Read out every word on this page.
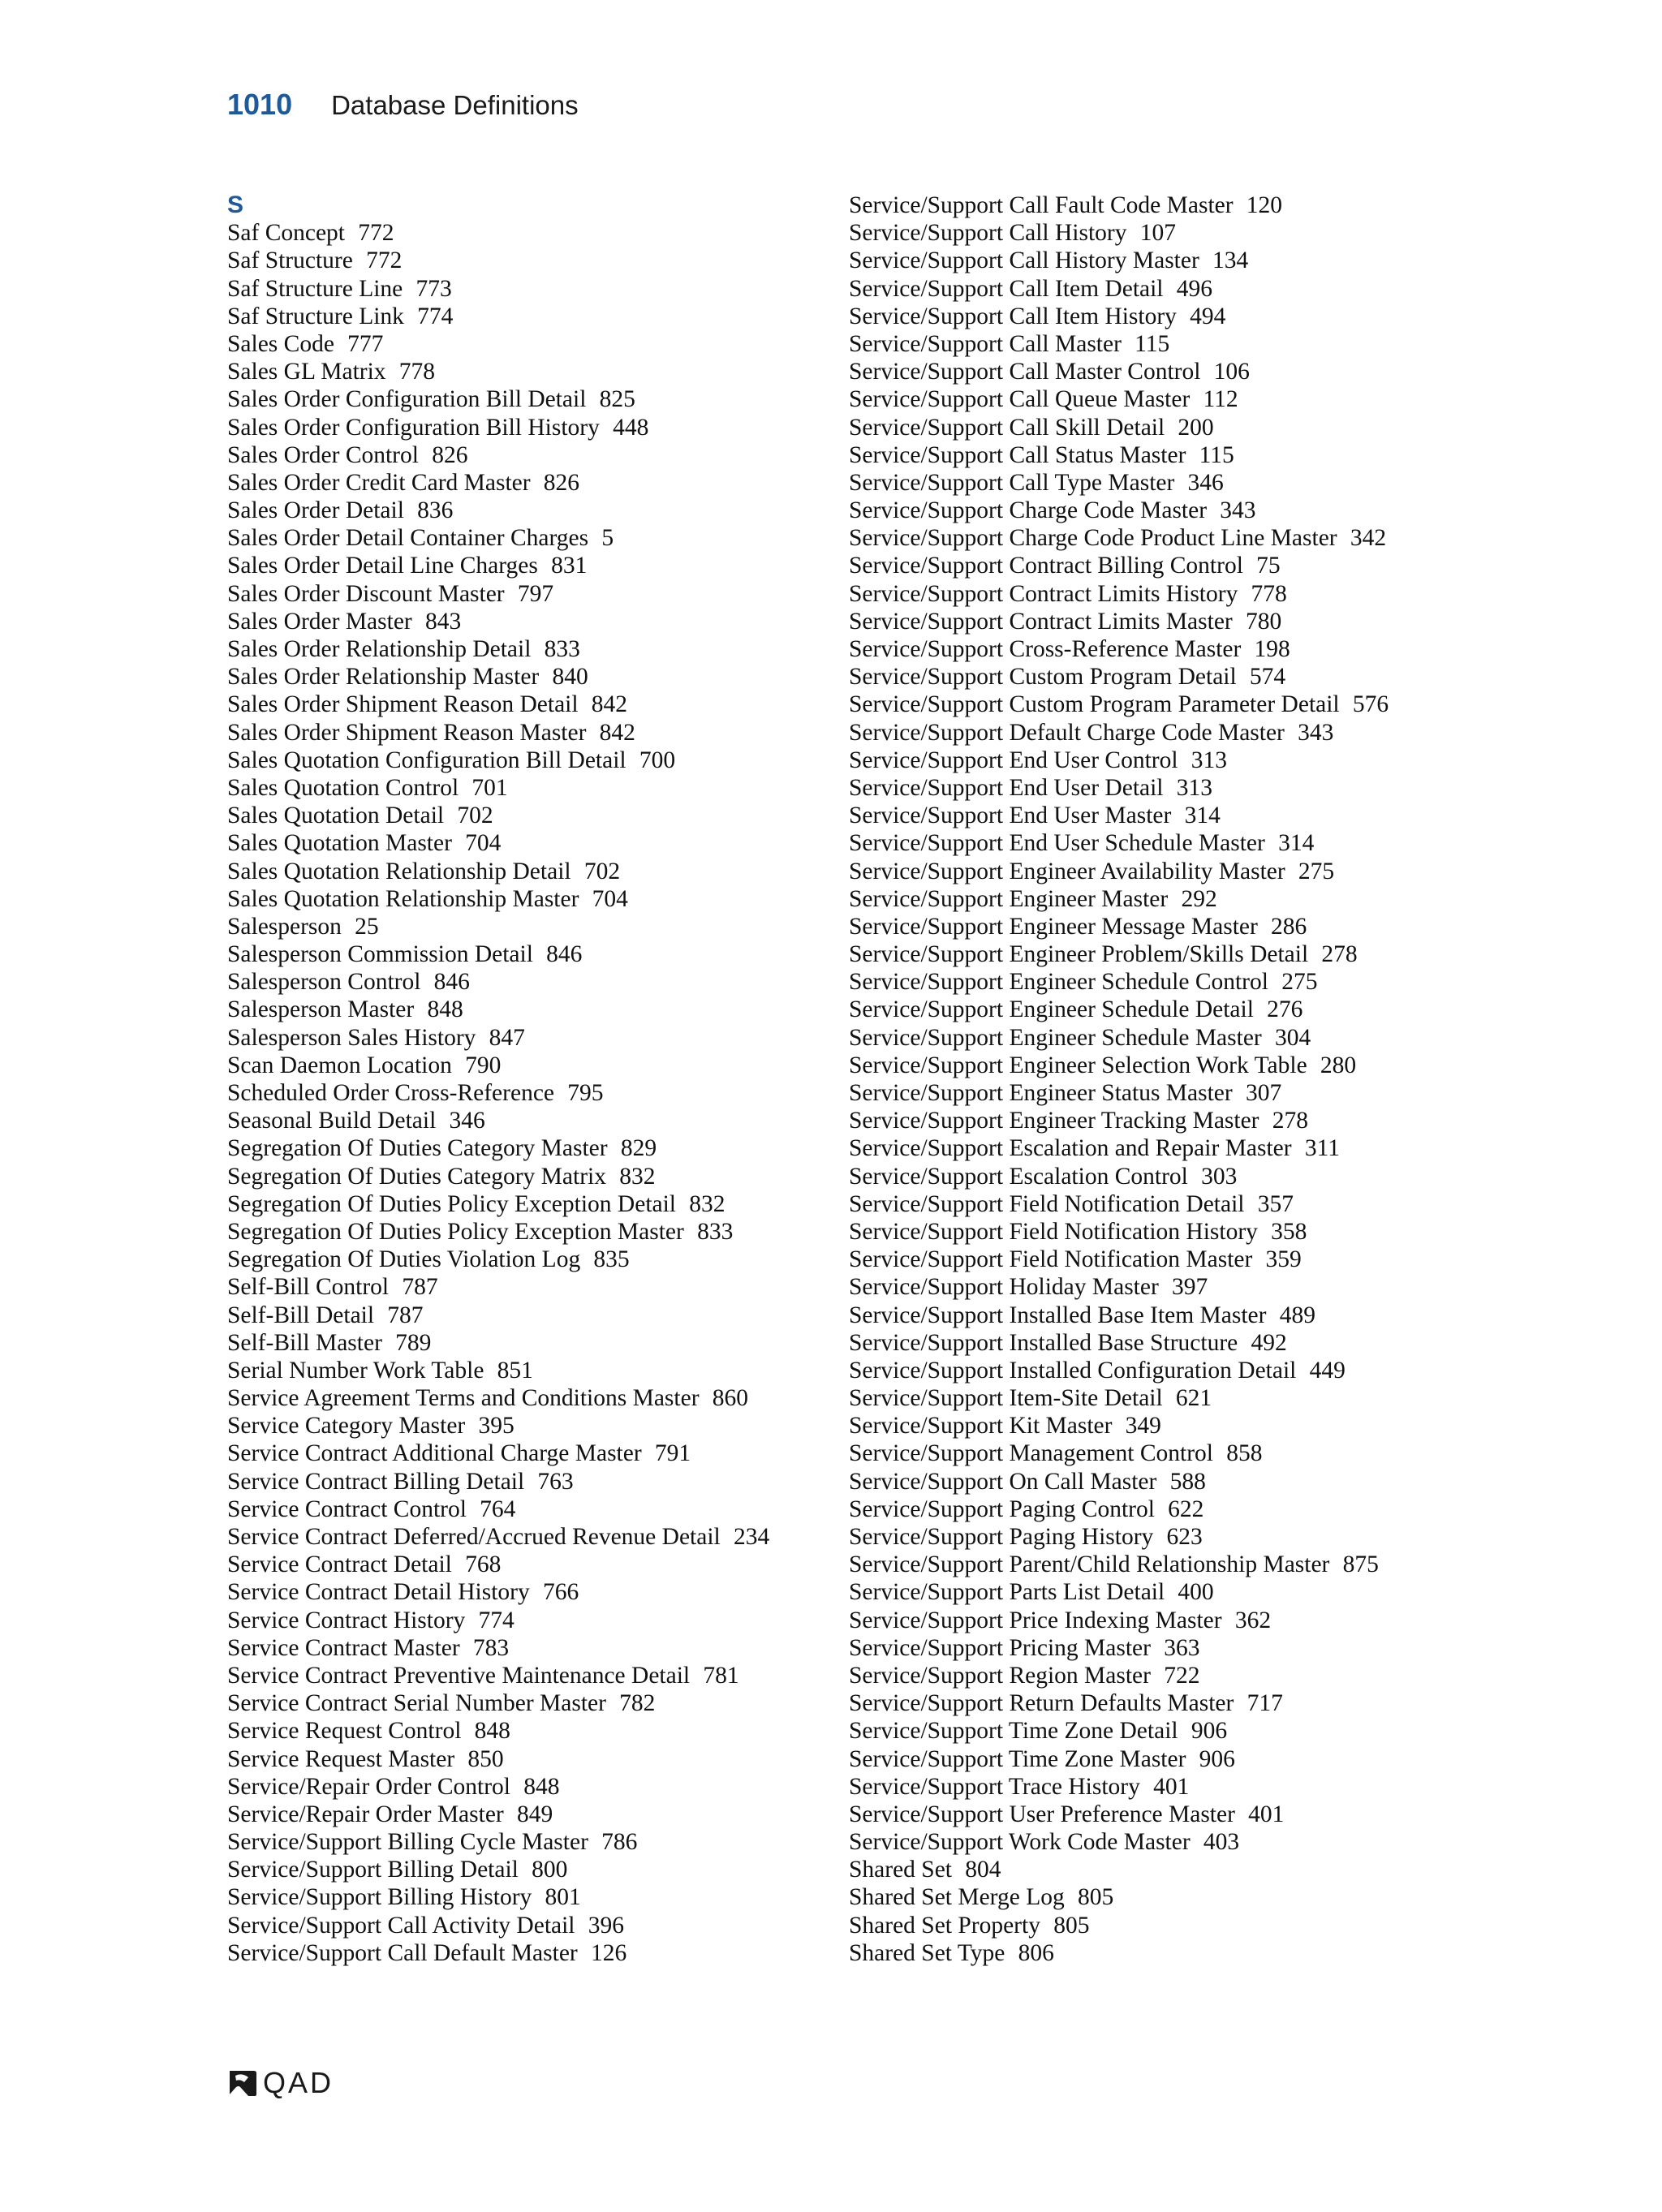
1010 Database Definitions
S
Saf Concept 772
Saf Structure 772
Saf Structure Line 773
Saf Structure Link 774
Sales Code 777
Sales GL Matrix 778
Sales Order Configuration Bill Detail 825
Sales Order Configuration Bill History 448
Sales Order Control 826
Sales Order Credit Card Master 826
Sales Order Detail 836
Sales Order Detail Container Charges 5
Sales Order Detail Line Charges 831
Sales Order Discount Master 797
Sales Order Master 843
Sales Order Relationship Detail 833
Sales Order Relationship Master 840
Sales Order Shipment Reason Detail 842
Sales Order Shipment Reason Master 842
Sales Quotation Configuration Bill Detail 700
Sales Quotation Control 701
Sales Quotation Detail 702
Sales Quotation Master 704
Sales Quotation Relationship Detail 702
Sales Quotation Relationship Master 704
Salesperson 25
Salesperson Commission Detail 846
Salesperson Control 846
Salesperson Master 848
Salesperson Sales History 847
Scan Daemon Location 790
Scheduled Order Cross-Reference 795
Seasonal Build Detail 346
Segregation Of Duties Category Master 829
Segregation Of Duties Category Matrix 832
Segregation Of Duties Policy Exception Detail 832
Segregation Of Duties Policy Exception Master 833
Segregation Of Duties Violation Log 835
Self-Bill Control 787
Self-Bill Detail 787
Self-Bill Master 789
Serial Number Work Table 851
Service Agreement Terms and Conditions Master 860
Service Category Master 395
Service Contract Additional Charge Master 791
Service Contract Billing Detail 763
Service Contract Control 764
Service Contract Deferred/Accrued Revenue Detail 234
Service Contract Detail 768
Service Contract Detail History 766
Service Contract History 774
Service Contract Master 783
Service Contract Preventive Maintenance Detail 781
Service Contract Serial Number Master 782
Service Request Control 848
Service Request Master 850
Service/Repair Order Control 848
Service/Repair Order Master 849
Service/Support Billing Cycle Master 786
Service/Support Billing Detail 800
Service/Support Billing History 801
Service/Support Call Activity Detail 396
Service/Support Call Default Master 126
Service/Support Call Fault Code Master 120
Service/Support Call History 107
Service/Support Call History Master 134
Service/Support Call Item Detail 496
Service/Support Call Item History 494
Service/Support Call Master 115
Service/Support Call Master Control 106
Service/Support Call Queue Master 112
Service/Support Call Skill Detail 200
Service/Support Call Status Master 115
Service/Support Call Type Master 346
Service/Support Charge Code Master 343
Service/Support Charge Code Product Line Master 342
Service/Support Contract Billing Control 75
Service/Support Contract Limits History 778
Service/Support Contract Limits Master 780
Service/Support Cross-Reference Master 198
Service/Support Custom Program Detail 574
Service/Support Custom Program Parameter Detail 576
Service/Support Default Charge Code Master 343
Service/Support End User Control 313
Service/Support End User Detail 313
Service/Support End User Master 314
Service/Support End User Schedule Master 314
Service/Support Engineer Availability Master 275
Service/Support Engineer Master 292
Service/Support Engineer Message Master 286
Service/Support Engineer Problem/Skills Detail 278
Service/Support Engineer Schedule Control 275
Service/Support Engineer Schedule Detail 276
Service/Support Engineer Schedule Master 304
Service/Support Engineer Selection Work Table 280
Service/Support Engineer Status Master 307
Service/Support Engineer Tracking Master 278
Service/Support Escalation and Repair Master 311
Service/Support Escalation Control 303
Service/Support Field Notification Detail 357
Service/Support Field Notification History 358
Service/Support Field Notification Master 359
Service/Support Holiday Master 397
Service/Support Installed Base Item Master 489
Service/Support Installed Base Structure 492
Service/Support Installed Configuration Detail 449
Service/Support Item-Site Detail 621
Service/Support Kit Master 349
Service/Support Management Control 858
Service/Support On Call Master 588
Service/Support Paging Control 622
Service/Support Paging History 623
Service/Support Parent/Child Relationship Master 875
Service/Support Parts List Detail 400
Service/Support Price Indexing Master 362
Service/Support Pricing Master 363
Service/Support Region Master 722
Service/Support Return Defaults Master 717
Service/Support Time Zone Detail 906
Service/Support Time Zone Master 906
Service/Support Trace History 401
Service/Support User Preference Master 401
Service/Support Work Code Master 403
Shared Set 804
Shared Set Merge Log 805
Shared Set Property 805
Shared Set Type 806
QAD
